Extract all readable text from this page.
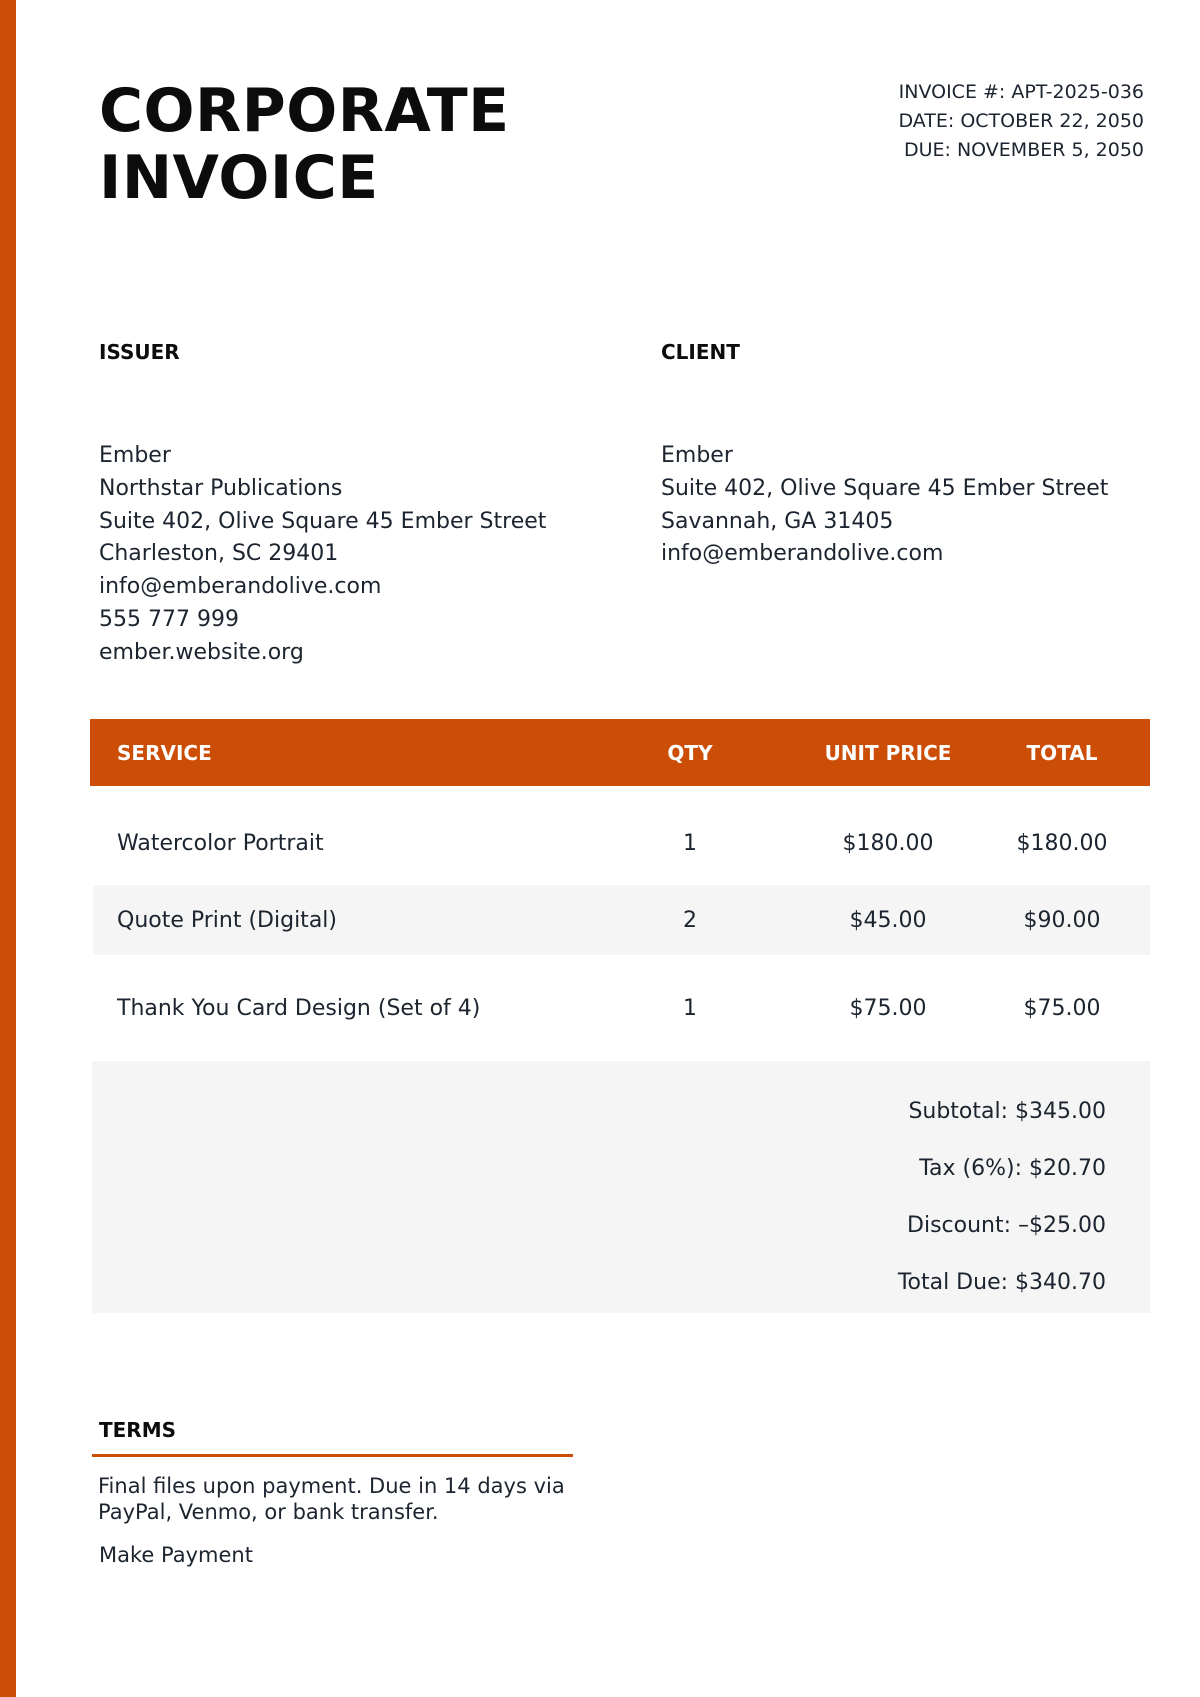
CORPORATE
INVOICE
INVOICE #: APT-2025-036
DATE: OCTOBER 22, 2050
DUE: NOVEMBER 5, 2050
ISSUER
Ember
Northstar Publications
Suite 402, Olive Square 45 Ember Street
Charleston, SC 29401
info@emberandolive.com
555 777 999
ember.website.org
CLIENT
Ember
Suite 402, Olive Square 45 Ember Street
Savannah, GA 31405
info@emberandolive.com
SERVICE	QTY	UNIT PRICE	TOTAL
Watercolor Portrait	1	$180.00	$180.00
Quote Print (Digital)	2	$45.00	$90.00
Thank You Card Design (Set of 4)	1	$75.00	$75.00
Subtotal: $345.00
Tax (6%): $20.70
Discount: –$25.00
Total Due: $340.70
TERMS
Final files upon payment. Due in 14 days via PayPal, Venmo, or bank transfer.
Make Payment
